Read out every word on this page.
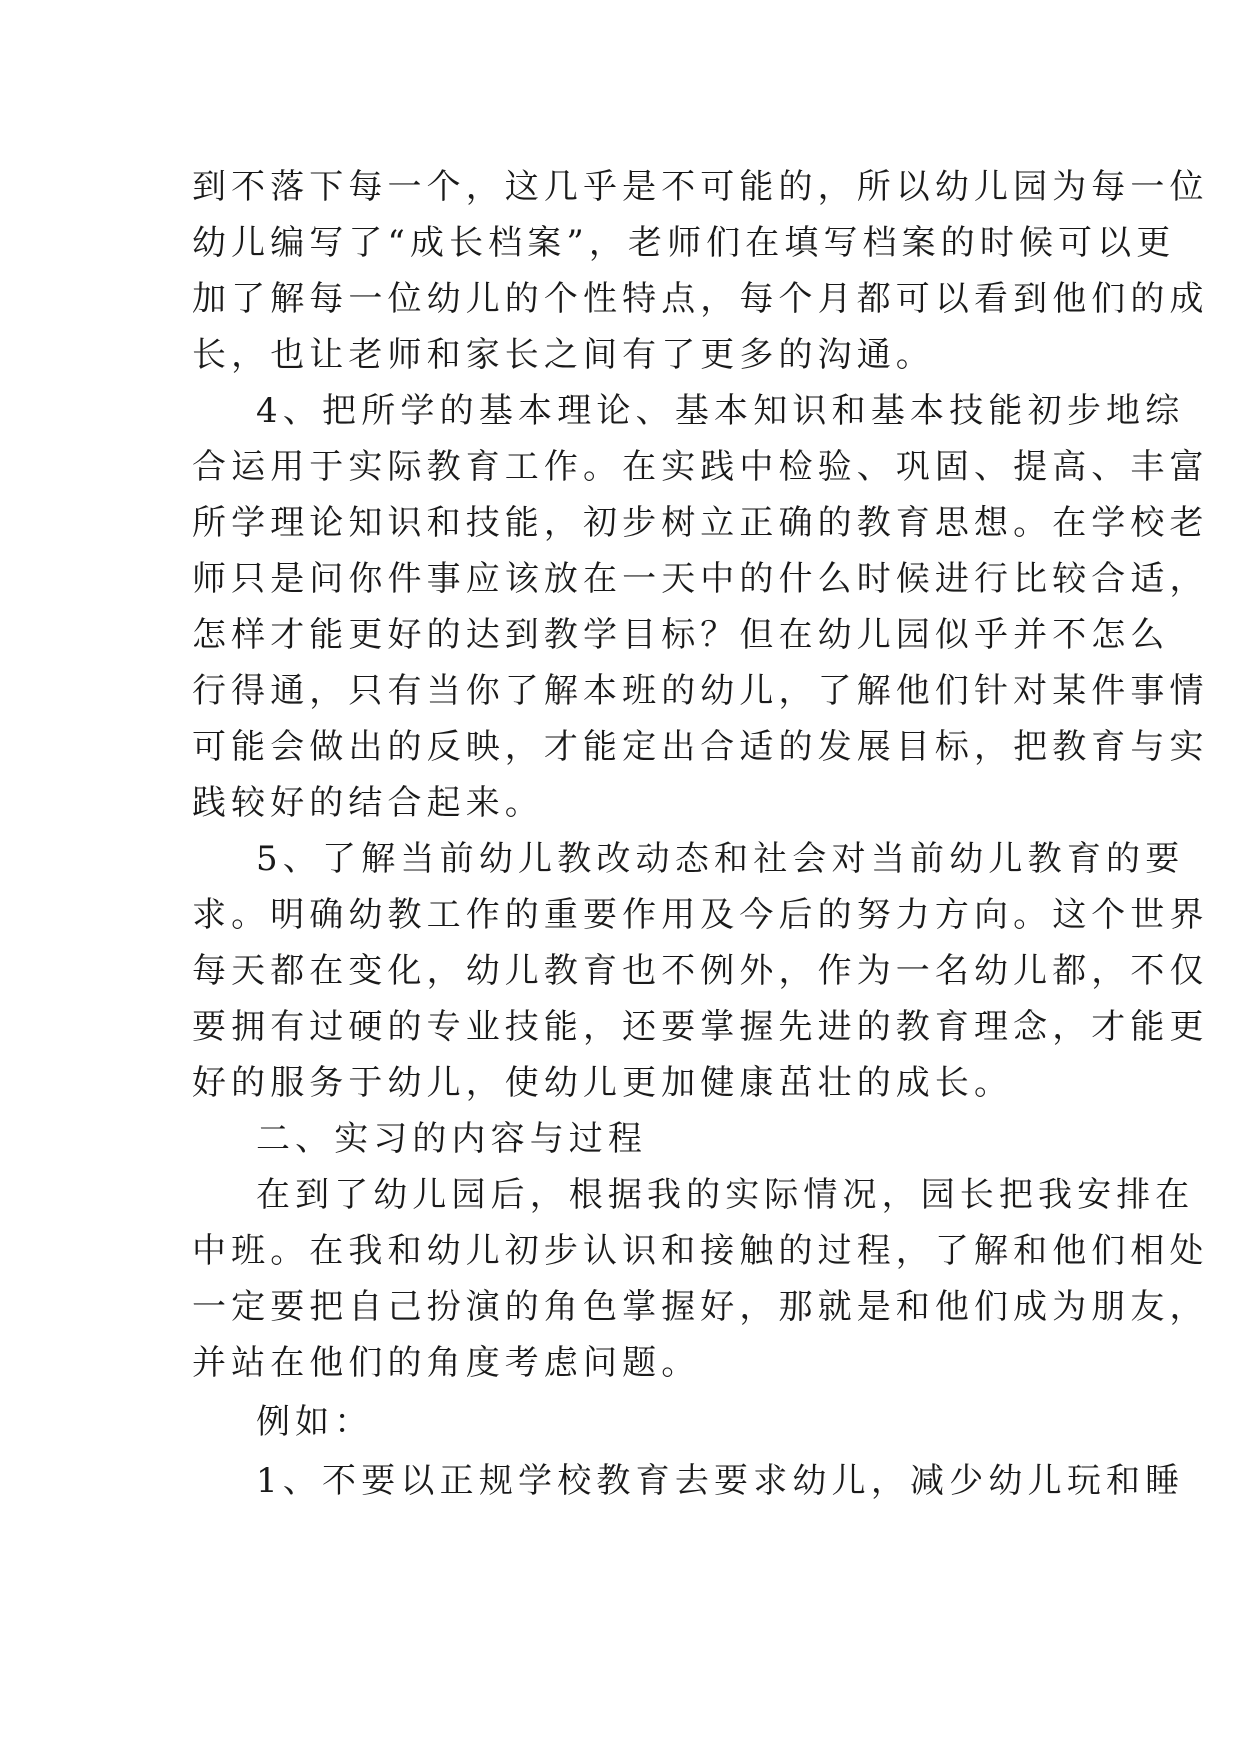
到不落下每一个，这几乎是不可能的，所以幼儿园为每一位
幼儿编写了“成长档案”，老师们在填写档案的时候可以更
加了解每一位幼儿的个性特点，每个月都可以看到他们的成
长，也让老师和家长之间有了更多的沟通。
4、把所学的基本理论、基本知识和基本技能初步地综
合运用于实际教育工作。在实践中检验、巩固、提高、丰富
所学理论知识和技能，初步树立正确的教育思想。在学校老
师只是问你件事应该放在一天中的什么时候进行比较合适，
怎样才能更好的达到教学目标？但在幼儿园似乎并不怎么
行得通，只有当你了解本班的幼儿，了解他们针对某件事情
可能会做出的反映，才能定出合适的发展目标，把教育与实
践较好的结合起来。
5、了解当前幼儿教改动态和社会对当前幼儿教育的要
求。明确幼教工作的重要作用及今后的努力方向。这个世界
每天都在变化，幼儿教育也不例外，作为一名幼儿都，不仅
要拥有过硬的专业技能，还要掌握先进的教育理念，才能更
好的服务于幼儿，使幼儿更加健康茁壮的成长。
二、实习的内容与过程
在到了幼儿园后，根据我的实际情况，园长把我安排在
中班。在我和幼儿初步认识和接触的过程，了解和他们相处
一定要把自己扮演的角色掌握好，那就是和他们成为朋友，
并站在他们的角度考虑问题。
例如：
1、不要以正规学校教育去要求幼儿，减少幼儿玩和睡
